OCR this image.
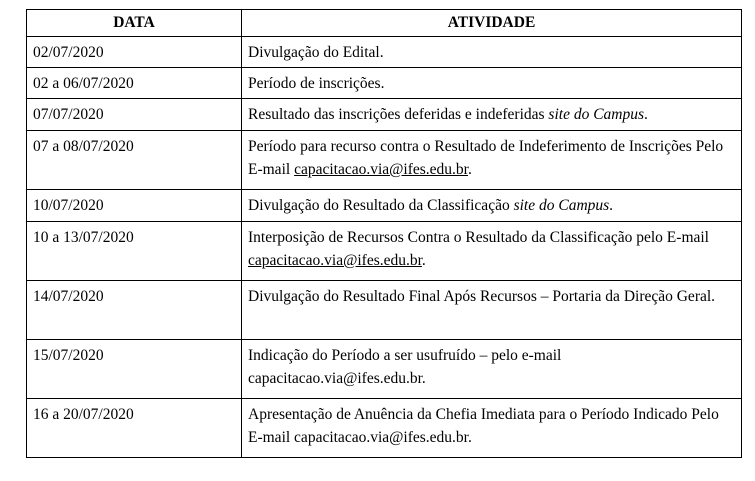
DATA	ATIVIDADE
02/07/2020	Divulgação do Edital.
02 a 06/07/2020	Período de inscrições.
07/07/2020	Resultado das inscrições deferidas e indeferidas site do Campus.
07 a 08/07/2020	Período para recurso contra o Resultado de Indeferimento de Inscrições Pelo E-mail capacitacao.via@ifes.edu.br.
10/07/2020	Divulgação do Resultado da Classificação site do Campus.
10 a 13/07/2020	Interposição de Recursos Contra o Resultado da Classificação pelo E-mail capacitacao.via@ifes.edu.br.
14/07/2020	Divulgação do Resultado Final Após Recursos – Portaria da Direção Geral.
15/07/2020	Indicação do Período a ser usufruído – pelo e-mail capacitacao.via@ifes.edu.br.
16 a 20/07/2020	Apresentação de Anuência da Chefia Imediata para o Período Indicado Pelo E-mail capacitacao.via@ifes.edu.br.
